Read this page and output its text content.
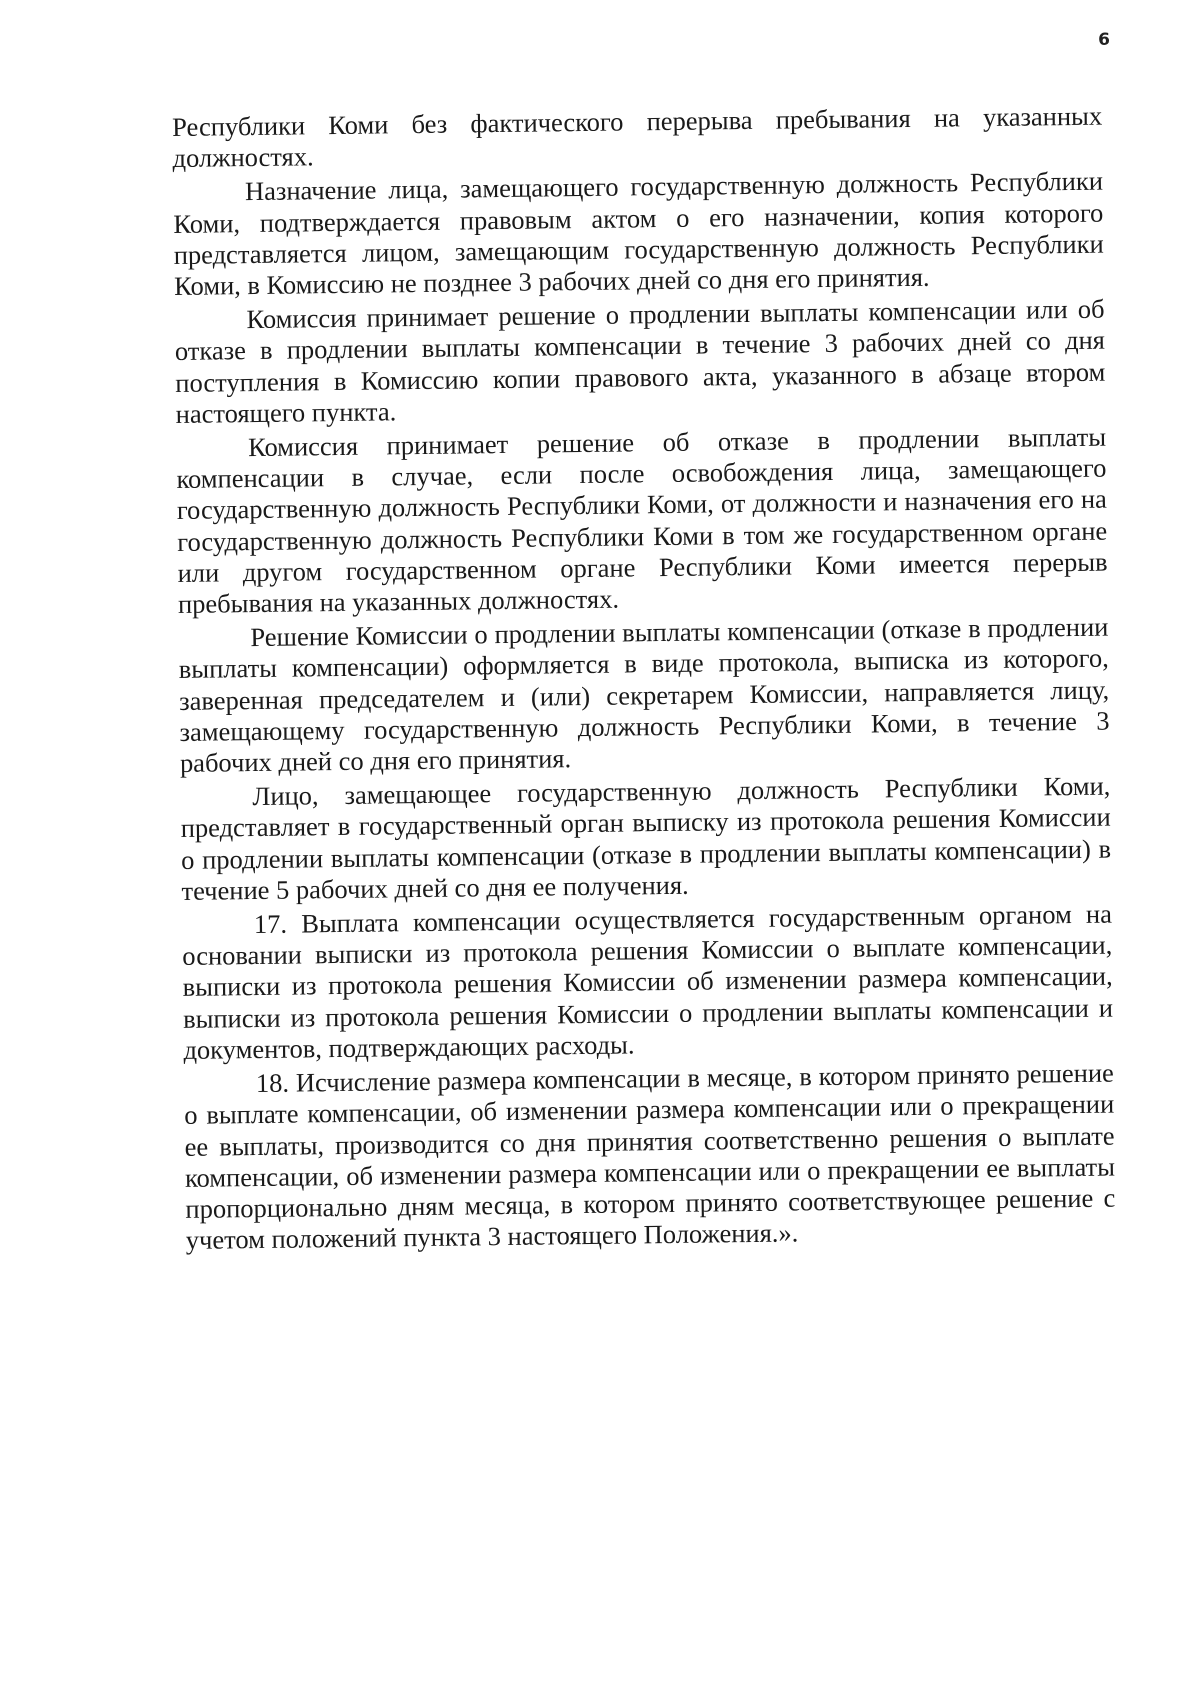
6

Республики Коми без фактического перерыва пребывания на указанных должностях.

Назначение лица, замещающего государственную должность Республики Коми, подтверждается правовым актом о его назначении, копия которого представляется лицом, замещающим государственную должность Республики Коми, в Комиссию не позднее 3 рабочих дней со дня его принятия.

Комиссия принимает решение о продлении выплаты компенсации или об отказе в продлении выплаты компенсации в течение 3 рабочих дней со дня поступления в Комиссию копии правового акта, указанного в абзаце втором настоящего пункта.

Комиссия принимает решение об отказе в продлении выплаты компенсации в случае, если после освобождения лица, замещающего государственную должность Республики Коми, от должности и назначения его на государственную должность Республики Коми в том же государственном органе или другом государственном органе Республики Коми имеется перерыв пребывания на указанных должностях.

Решение Комиссии о продлении выплаты компенсации (отказе в продлении выплаты компенсации) оформляется в виде протокола, выписка из которого, заверенная председателем и (или) секретарем Комиссии, направляется лицу, замещающему государственную должность Республики Коми, в течение 3 рабочих дней со дня его принятия.

Лицо, замещающее государственную должность Республики Коми, представляет в государственный орган выписку из протокола решения Комиссии о продлении выплаты компенсации (отказе в продлении выплаты компенсации) в течение 5 рабочих дней со дня ее получения.

17. Выплата компенсации осуществляется государственным органом на основании выписки из протокола решения Комиссии о выплате компенсации, выписки из протокола решения Комиссии об изменении размера компенсации, выписки из протокола решения Комиссии о продлении выплаты компенсации и документов, подтверждающих расходы.

18. Исчисление размера компенсации в месяце, в котором принято решение о выплате компенсации, об изменении размера компенсации или о прекращении ее выплаты, производится со дня принятия соответственно решения о выплате компенсации, об изменении размера компенсации или о прекращении ее выплаты пропорционально дням месяца, в котором принято соответствующее решение с учетом положений пункта 3 настоящего Положения.».
